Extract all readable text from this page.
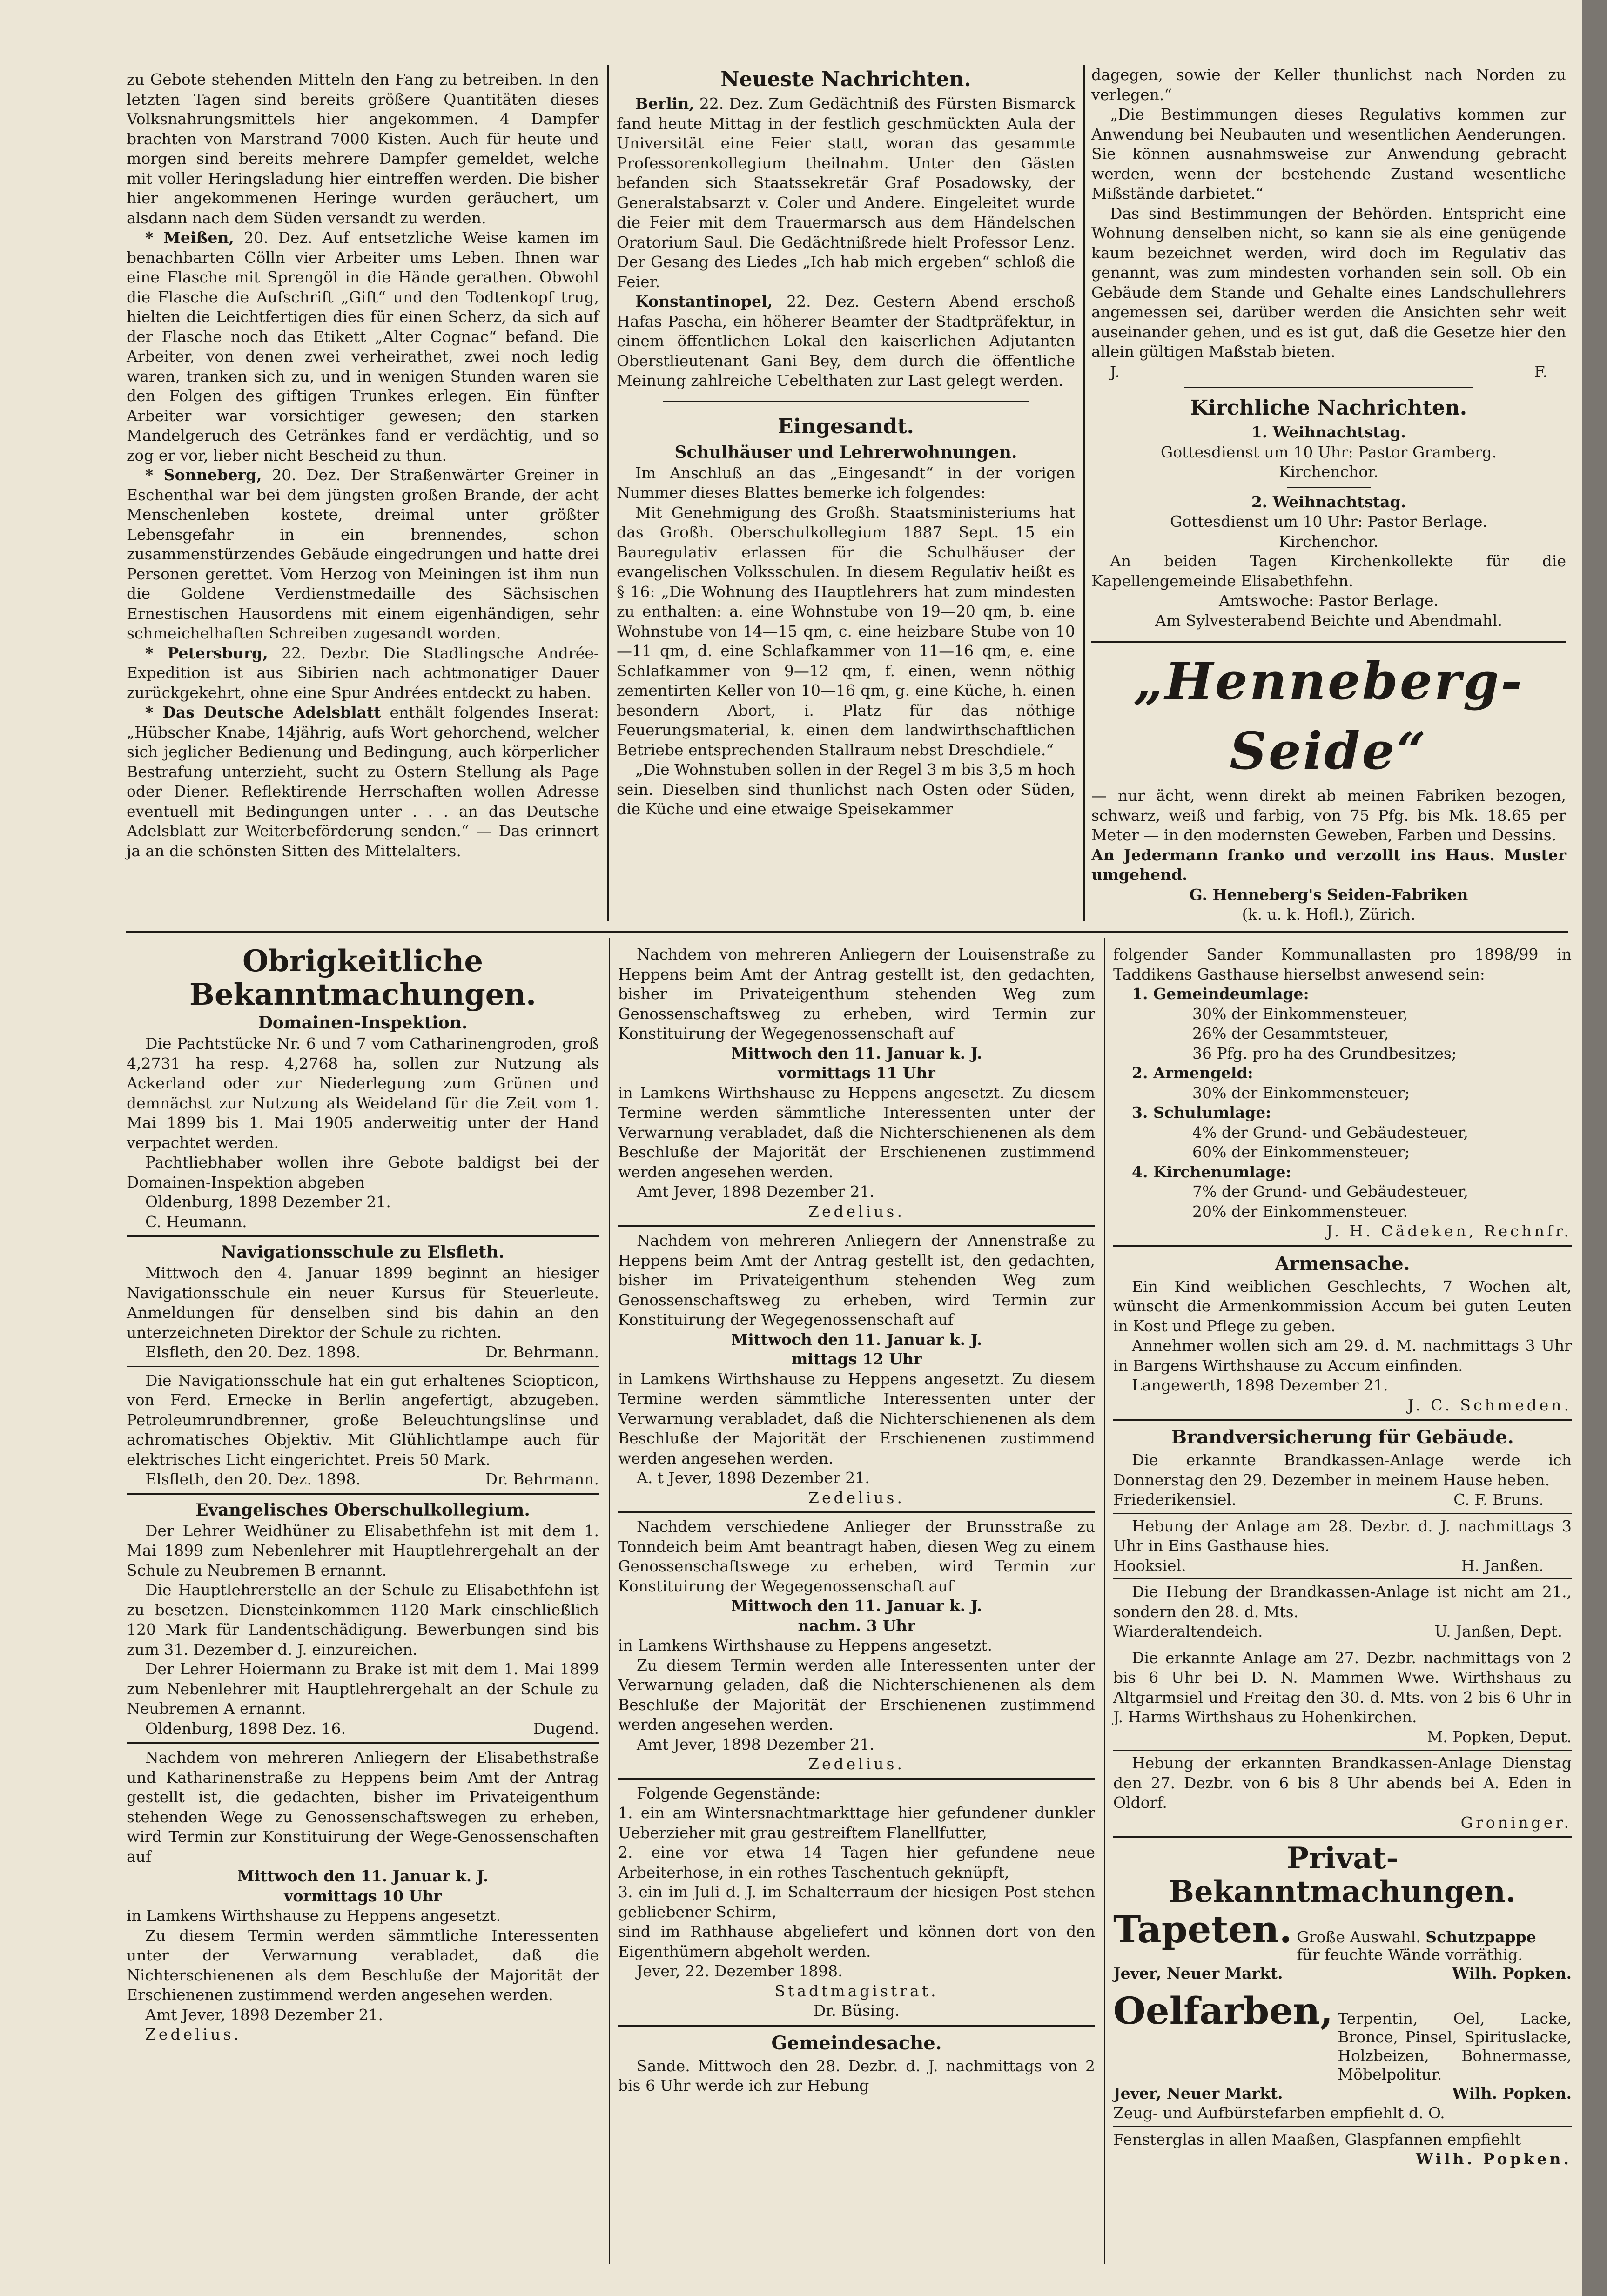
zu Gebote stehenden Mitteln den Fang zu betreiben. In den letzten Tagen sind bereits größere Quantitäten dieses Volksnahrungsmittels hier angekommen. 4 Dampfer brachten von Marstrand 7000 Kisten. Auch für heute und morgen sind bereits mehrere Dampfer gemeldet, welche mit voller Heringsladung hier eintreffen werden. Die bisher hier angekommenen Heringe wurden geräuchert, um alsdann nach dem Süden versandt zu werden.

* Meißen, 20. Dez. Auf entsetzliche Weise kamen im benachbarten Cölln vier Arbeiter ums Leben. Ihnen war eine Flasche mit Sprengöl in die Hände gerathen. Obwohl die Flasche die Aufschrift „Gift“ und den Todtenkopf trug, hielten die Leichtfertigen dies für einen Scherz, da sich auf der Flasche noch das Etikett „Alter Cognac“ befand. Die Arbeiter, von denen zwei verheirathet, zwei noch ledig waren, tranken sich zu, und in wenigen Stunden waren sie den Folgen des giftigen Trunkes erlegen. Ein fünfter Arbeiter war vorsichtiger gewesen; den starken Mandelgeruch des Getränkes fand er verdächtig, und so zog er vor, lieber nicht Bescheid zu thun.

* Sonneberg, 20. Dez. Der Straßenwärter Greiner in Eschenthal war bei dem jüngsten großen Brande, der acht Menschenleben kostete, dreimal unter größter Lebensgefahr in ein brennendes, schon zusammenstürzendes Gebäude eingedrungen und hatte drei Personen gerettet. Vom Herzog von Meiningen ist ihm nun die Goldene Verdienstmedaille des Sächsischen Ernestischen Hausordens mit einem eigenhändigen, sehr schmeichelhaften Schreiben zugesandt worden.

* Petersburg, 22. Dezbr. Die Stadlingsche Andrée-Expedition ist aus Sibirien nach achtmonatiger Dauer zurückgekehrt, ohne eine Spur Andrées entdeckt zu haben.

* Das Deutsche Adelsblatt enthält folgendes Inserat: „Hübscher Knabe, 14jährig, aufs Wort gehorchend, welcher sich jeglicher Bedienung und Bedingung, auch körperlicher Bestrafung unterzieht, sucht zu Ostern Stellung als Page oder Diener. Reflektirende Herrschaften wollen Adresse eventuell mit Bedingungen unter . . . an das Deutsche Adelsblatt zur Weiterbeförderung senden.“ — Das erinnert ja an die schönsten Sitten des Mittelalters.

Neueste Nachrichten.

Berlin, 22. Dez. Zum Gedächtniß des Fürsten Bismarck fand heute Mittag in der festlich geschmückten Aula der Universität eine Feier statt, woran das gesammte Professorenkollegium theilnahm. Unter den Gästen befanden sich Staatssekretär Graf Posadowsky, der Generalstabsarzt v. Coler und Andere. Eingeleitet wurde die Feier mit dem Trauermarsch aus dem Händelschen Oratorium Saul. Die Gedächtnißrede hielt Professor Lenz. Der Gesang des Liedes „Ich hab mich ergeben“ schloß die Feier.

Konstantinopel, 22. Dez. Gestern Abend erschoß Hafas Pascha, ein höherer Beamter der Stadtpräfektur, in einem öffentlichen Lokal den kaiserlichen Adjutanten Oberstlieutenant Gani Bey, dem durch die öffentliche Meinung zahlreiche Uebelthaten zur Last gelegt werden.

Eingesandt.
Schulhäuser und Lehrerwohnungen.

Im Anschluß an das „Eingesandt“ in der vorigen Nummer dieses Blattes bemerke ich folgendes:

Mit Genehmigung des Großh. Staatsministeriums hat das Großh. Oberschulkollegium 1887 Sept. 15 ein Bauregulativ erlassen für die Schulhäuser der evangelischen Volksschulen. In diesem Regulativ heißt es § 16: „Die Wohnung des Hauptlehrers hat zum mindesten zu enthalten: a. eine Wohnstube von 19—20 qm, b. eine Wohnstube von 14—15 qm, c. eine heizbare Stube von 10—11 qm, d. eine Schlafkammer von 11—16 qm, e. eine Schlafkammer von 9—12 qm, f. einen, wenn nöthig zementirten Keller von 10—16 qm, g. eine Küche, h. einen besondern Abort, i. Platz für das nöthige Feuerungsmaterial, k. einen dem landwirthschaftlichen Betriebe entsprechenden Stallraum nebst Dreschdiele.“

„Die Wohnstuben sollen in der Regel 3 m bis 3,5 m hoch sein. Dieselben sind thunlichst nach Osten oder Süden, die Küche und eine etwaige Speisekammer

dagegen, sowie der Keller thunlichst nach Norden zu verlegen.“

„Die Bestimmungen dieses Regulativs kommen zur Anwendung bei Neubauten und wesentlichen Aenderungen. Sie können ausnahmsweise zur Anwendung gebracht werden, wenn der bestehende Zustand wesentliche Mißstände darbietet.“

Das sind Bestimmungen der Behörden. Entspricht eine Wohnung denselben nicht, so kann sie als eine genügende kaum bezeichnet werden, wird doch im Regulativ das genannt, was zum mindesten vorhanden sein soll. Ob ein Gebäude dem Stande und Gehalte eines Landschullehrers angemessen sei, darüber werden die Ansichten sehr weit auseinander gehen, und es ist gut, daß die Gesetze hier den allein gültigen Maßstab bieten.

J.	F.
Kirchliche Nachrichten.
1. Weihnachtstag.
Gottesdienst um 10 Uhr: Pastor Gramberg.
Kirchenchor.
2. Weihnachtstag.
Gottesdienst um 10 Uhr: Pastor Berlage.
Kirchenchor.

An beiden Tagen Kirchenkollekte für die Kapellengemeinde Elisabethfehn.

Amtswoche: Pastor Berlage.
Am Sylvesterabend Beichte und Abendmahl.
„Henneberg-Seide“

— nur ächt, wenn direkt ab meinen Fabriken bezogen, schwarz, weiß und farbig, von 75 Pfg. bis Mk. 18.65 per Meter — in den modernsten Geweben, Farben und Dessins.

An Jedermann franko und verzollt ins Haus. Muster umgehend.

G. Henneberg's Seiden-Fabriken
(k. u. k. Hofl.), Zürich.
Obrigkeitliche Bekanntmachungen.
Domainen-Inspektion.

Die Pachtstücke Nr. 6 und 7 vom Catharinengroden, groß 4,2731 ha resp. 4,2768 ha, sollen zur Nutzung als Ackerland oder zur Niederlegung zum Grünen und demnächst zur Nutzung als Weideland für die Zeit vom 1. Mai 1899 bis 1. Mai 1905 anderweitig unter der Hand verpachtet werden.

Pachtliebhaber wollen ihre Gebote baldigst bei der Domainen-Inspektion abgeben

Oldenburg, 1898 Dezember 21.

C. Heumann.

Navigationsschule zu Elsfleth.

Mittwoch den 4. Januar 1899 beginnt an hiesiger Navigationsschule ein neuer Kursus für Steuerleute. Anmeldungen für denselben sind bis dahin an den unterzeichneten Direktor der Schule zu richten.

Elsfleth, den 20. Dez. 1898.	Dr. Behrmann.

Die Navigationsschule hat ein gut erhaltenes Sciopticon, von Ferd. Ernecke in Berlin angefertigt, abzugeben. Petroleumrundbrenner, große Beleuchtungslinse und achromatisches Objektiv. Mit Glühlichtlampe auch für elektrisches Licht eingerichtet. Preis 50 Mark.

Elsfleth, den 20. Dez. 1898.	Dr. Behrmann.
Evangelisches Oberschulkollegium.

Der Lehrer Weidhüner zu Elisabethfehn ist mit dem 1. Mai 1899 zum Nebenlehrer mit Hauptlehrergehalt an der Schule zu Neubremen B ernannt.

Die Hauptlehrerstelle an der Schule zu Elisabethfehn ist zu besetzen. Diensteinkommen 1120 Mark einschließlich 120 Mark für Landentschädigung. Bewerbungen sind bis zum 31. Dezember d. J. einzureichen.

Der Lehrer Hoiermann zu Brake ist mit dem 1. Mai 1899 zum Nebenlehrer mit Hauptlehrergehalt an der Schule zu Neubremen A ernannt.

Oldenburg, 1898 Dez. 16.	Dugend.

Nachdem von mehreren Anliegern der Elisabethstraße und Katharinenstraße zu Heppens beim Amt der Antrag gestellt ist, die gedachten, bisher im Privateigenthum stehenden Wege zu Genossenschaftswegen zu erheben, wird Termin zur Konstituirung der Wege-Genossenschaften auf

Mittwoch den 11. Januar k. J.
vormittags 10 Uhr

in Lamkens Wirthshause zu Heppens angesetzt.

Zu diesem Termin werden sämmtliche Interessenten unter der Verwarnung verabladet, daß die Nichterschienenen als dem Beschluße der Majorität der Erschienenen zustimmend werden angesehen werden.

Amt Jever, 1898 Dezember 21.

Zedelius.

Nachdem von mehreren Anliegern der Louisenstraße zu Heppens beim Amt der Antrag gestellt ist, den gedachten, bisher im Privateigenthum stehenden Weg zum Genossenschaftsweg zu erheben, wird Termin zur Konstituirung der Wegegenossenschaft auf

Mittwoch den 11. Januar k. J.
vormittags 11 Uhr

in Lamkens Wirthshause zu Heppens angesetzt. Zu diesem Termine werden sämmtliche Interessenten unter der Verwarnung verabladet, daß die Nichterschienenen als dem Beschluße der Majorität der Erschienenen zustimmend werden angesehen werden.

Amt Jever, 1898 Dezember 21.

Zedelius.

Nachdem von mehreren Anliegern der Annenstraße zu Heppens beim Amt der Antrag gestellt ist, den gedachten, bisher im Privateigenthum stehenden Weg zum Genossenschaftsweg zu erheben, wird Termin zur Konstituirung der Wegegenossenschaft auf

Mittwoch den 11. Januar k. J.
mittags 12 Uhr

in Lamkens Wirthshause zu Heppens angesetzt. Zu diesem Termine werden sämmtliche Interessenten unter der Verwarnung verabladet, daß die Nichterschienenen als dem Beschluße der Majorität der Erschienenen zustimmend werden angesehen werden.

A. t Jever, 1898 Dezember 21.

Zedelius.

Nachdem verschiedene Anlieger der Brunsstraße zu Tonndeich beim Amt beantragt haben, diesen Weg zu einem Genossenschaftswege zu erheben, wird Termin zur Konstituirung der Wegegenossenschaft auf

Mittwoch den 11. Januar k. J.
nachm. 3 Uhr

in Lamkens Wirthshause zu Heppens angesetzt.

Zu diesem Termin werden alle Interessenten unter der Verwarnung geladen, daß die Nichterschienenen als dem Beschluße der Majorität der Erschienenen zustimmend werden angesehen werden.

Amt Jever, 1898 Dezember 21.

Zedelius.

Folgende Gegenstände:

1. ein am Wintersnachtmarkttage hier gefundener dunkler Ueberzieher mit grau gestreiftem Flanellfutter,

2. eine vor etwa 14 Tagen hier gefundene neue Arbeiterhose, in ein rothes Taschentuch geknüpft,

3. ein im Juli d. J. im Schalterraum der hiesigen Post stehen gebliebener Schirm,

sind im Rathhause abgeliefert und können dort von den Eigenthümern abgeholt werden.

Jever, 22. Dezember 1898.

Stadtmagistrat.

Dr. Büsing.

Gemeindesache.

Sande. Mittwoch den 28. Dezbr. d. J. nachmittags von 2 bis 6 Uhr werde ich zur Hebung

folgender Sander Kommunallasten pro 1898/99 in Taddikens Gasthause hierselbst anwesend sein:

1. Gemeindeumlage:

30% der Einkommensteuer,

26% der Gesammtsteuer,

36 Pfg. pro ha des Grundbesitzes;

2. Armengeld:

30% der Einkommensteuer;

3. Schulumlage:

4% der Grund- und Gebäudesteuer,

60% der Einkommensteuer;

4. Kirchenumlage:

7% der Grund- und Gebäudesteuer,

20% der Einkommensteuer.

J. H. Cädeken, Rechnfr.

Armensache.

Ein Kind weiblichen Geschlechts, 7 Wochen alt, wünscht die Armenkommission Accum bei guten Leuten in Kost und Pflege zu geben.

Annehmer wollen sich am 29. d. M. nachmittags 3 Uhr in Bargens Wirthshause zu Accum einfinden.

Langewerth, 1898 Dezember 21.

J. C. Schmeden.

Brandversicherung für Gebäude.

Die erkannte Brandkassen-Anlage werde ich Donnerstag den 29. Dezember in meinem Hause heben.

Friederikensiel.	C. F. Bruns.

Hebung der Anlage am 28. Dezbr. d. J. nachmittags 3 Uhr in Eins Gasthause hies.

Hooksiel.	H. Janßen.

Die Hebung der Brandkassen-Anlage ist nicht am 21., sondern den 28. d. Mts.

Wiarderaltendeich.	U. Janßen, Dept.

Die erkannte Anlage am 27. Dezbr. nachmittags von 2 bis 6 Uhr bei D. N. Mammen Wwe. Wirthshaus zu Altgarmsiel und Freitag den 30. d. Mts. von 2 bis 6 Uhr in J. Harms Wirthshaus zu Hohenkirchen.

M. Popken, Deput.

Hebung der erkannten Brandkassen-Anlage Dienstag den 27. Dezbr. von 6 bis 8 Uhr abends bei A. Eden in Oldorf.

Groninger.

Privat-Bekanntmachungen.
Tapeten. Große Auswahl. Schutzpappe
für feuchte Wände vorräthig.
Jever, Neuer Markt.	Wilh. Popken.
Oelfarben, Terpentin, Oel, Lacke, Bronce, Pinsel, Spirituslacke, Holzbeizen, Bohnermasse, Möbelpolitur.
Jever, Neuer Markt.	Wilh. Popken.

Zeug- und Aufbürstefarben empfiehlt d. O.

Fensterglas in allen Maaßen, Glaspfannen empfiehlt

Wilh. Popken.
